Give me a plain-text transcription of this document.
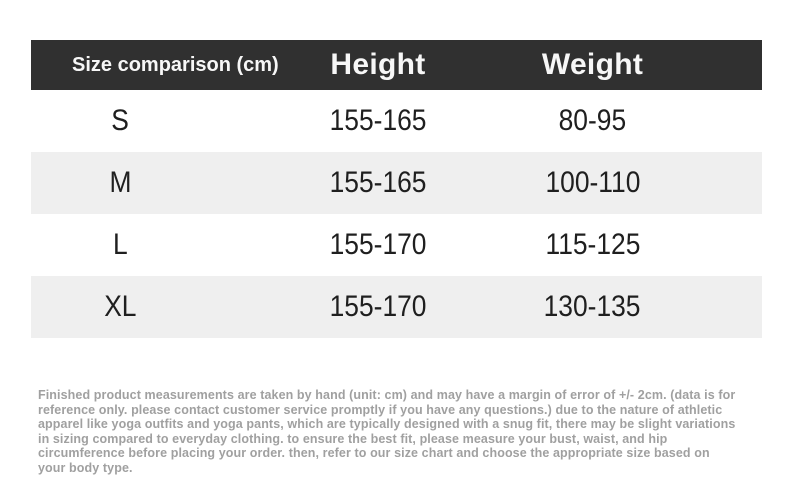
Size comparison (cm)	Height	Weight
S	155-165	80-95
M	155-165	100-110
L	155-170	115-125
XL	155-170	130-135

Finished product measurements are taken by hand (unit: cm) and may have a margin of error of +/- 2cm. (data is for reference only. please contact customer service promptly if you have any questions.) due to the nature of athletic apparel like yoga outfits and yoga pants, which are typically designed with a snug fit, there may be slight variations in sizing compared to everyday clothing. to ensure the best fit, please measure your bust, waist, and hip circumference before placing your order. then, refer to our size chart and choose the appropriate size based on your body type.
